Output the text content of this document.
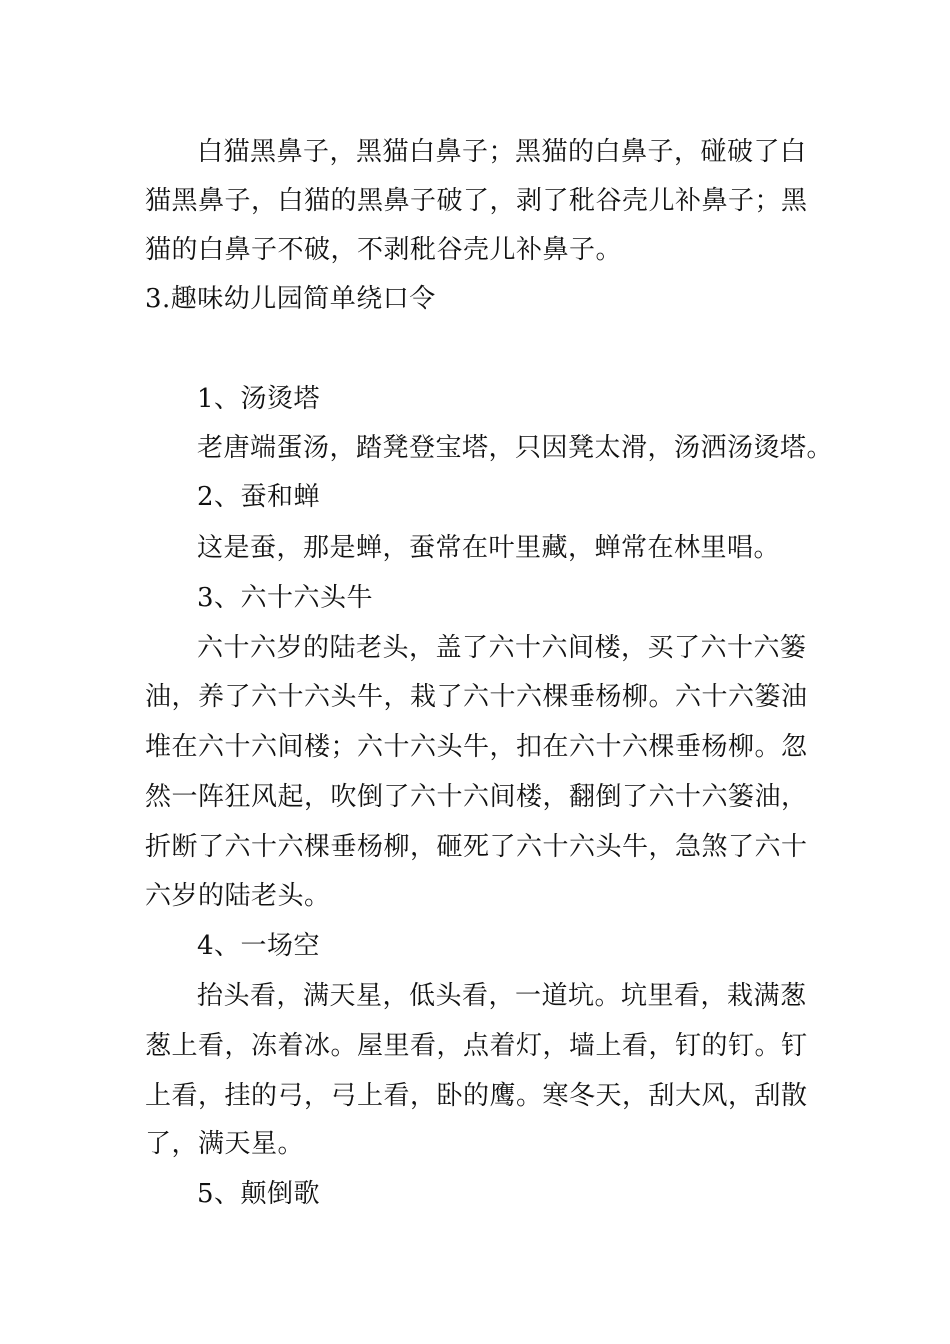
白猫黑鼻子，黑猫白鼻子；黑猫的白鼻子，碰破了白
猫黑鼻子，白猫的黑鼻子破了，剥了秕谷壳儿补鼻子；黑
猫的白鼻子不破，不剥秕谷壳儿补鼻子。
3.趣味幼儿园简单绕口令
1、汤烫塔
老唐端蛋汤，踏凳登宝塔，只因凳太滑，汤洒汤烫塔。
2、蚕和蝉
这是蚕，那是蝉，蚕常在叶里藏，蝉常在林里唱。
3、六十六头牛
六十六岁的陆老头，盖了六十六间楼，买了六十六篓
油，养了六十六头牛，栽了六十六棵垂杨柳。六十六篓油
堆在六十六间楼；六十六头牛，扣在六十六棵垂杨柳。忽
然一阵狂风起，吹倒了六十六间楼，翻倒了六十六篓油，
折断了六十六棵垂杨柳，砸死了六十六头牛，急煞了六十
六岁的陆老头。
4、一场空
抬头看，满天星，低头看，一道坑。坑里看，栽满葱
葱上看，冻着冰。屋里看，点着灯，墙上看，钉的钉。钉
上看，挂的弓，弓上看，卧的鹰。寒冬天，刮大风，刮散
了，满天星。
5、颠倒歌
